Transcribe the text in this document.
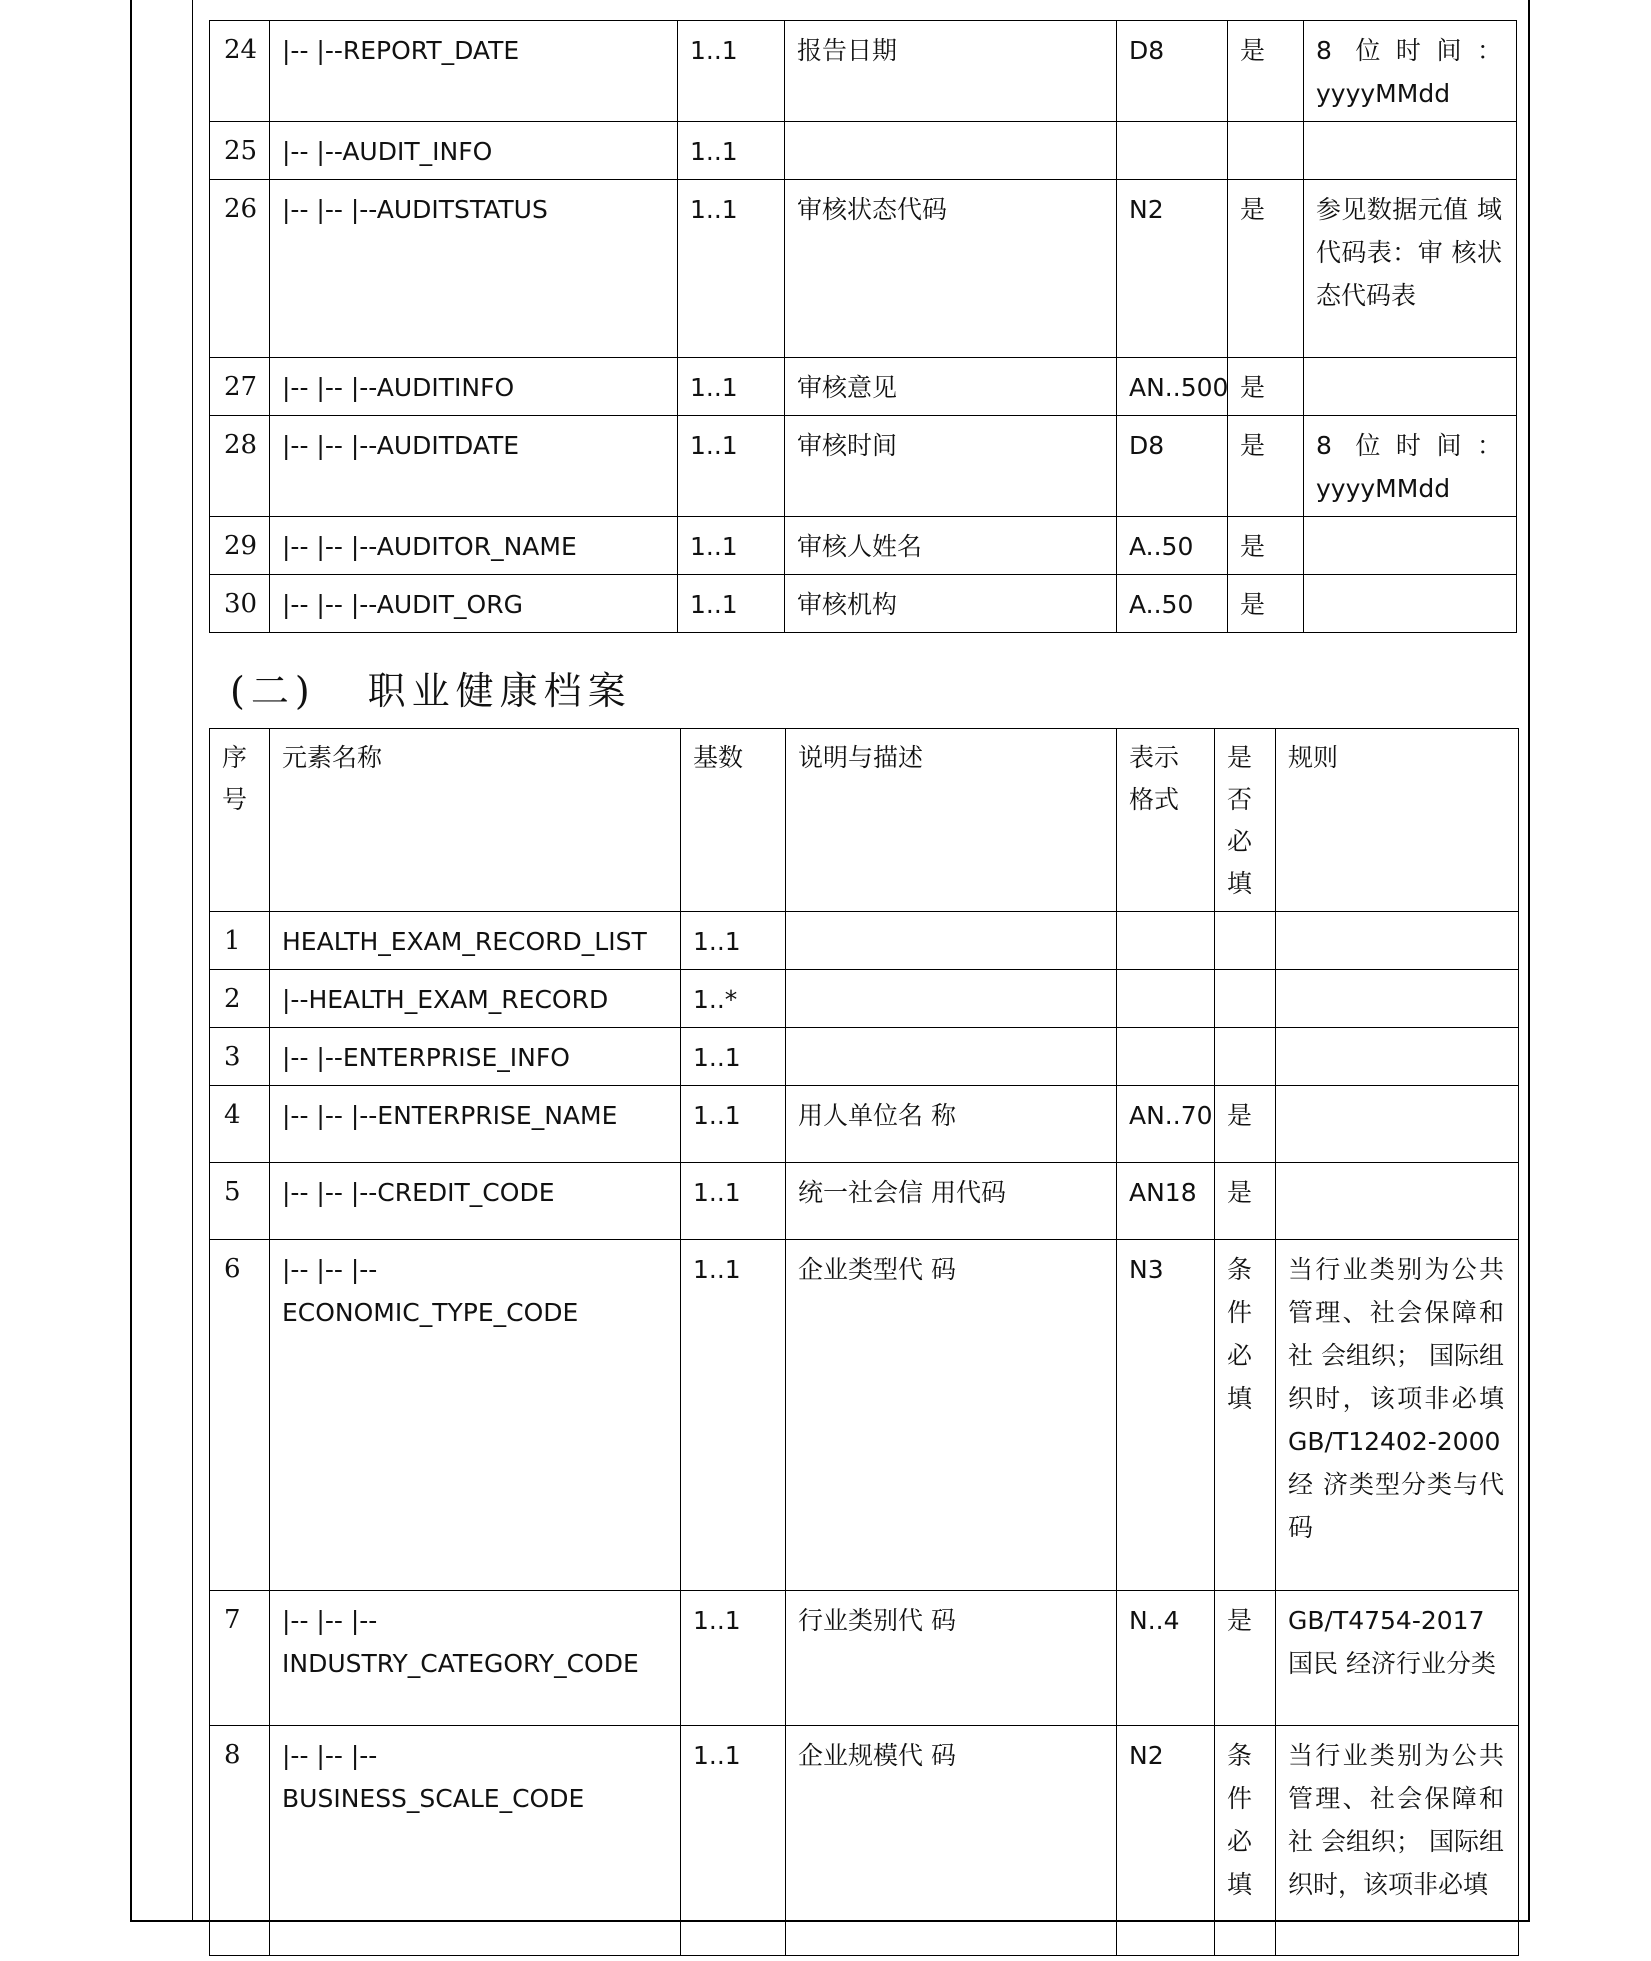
24	|-- |--REPORT_DATE	1..1	报告日期	D8	是	8 位时间： yyyyMMdd
25	|-- |--AUDIT_INFO	1..1				
26	|-- |-- |--AUDITSTATUS	1..1	审核状态代码	N2	是	参见数据元值 域代码表：审 核状态代码表
27	|-- |-- |--AUDITINFO	1..1	审核意见	AN..500	是	
28	|-- |-- |--AUDITDATE	1..1	审核时间	D8	是	8 位时间： yyyyMMdd
29	|-- |-- |--AUDITOR_NAME	1..1	审核人姓名	A..50	是	
30	|-- |-- |--AUDIT_ORG	1..1	审核机构	A..50	是	
(二) 职业健康档案
序号	元素名称	基数	说明与描述	表示格式	是否必填	规则
1	HEALTH_EXAM_RECORD_LIST	1..1				
2	|--HEALTH_EXAM_RECORD	1..*				
3	|-- |--ENTERPRISE_INFO	1..1				
4	|-- |-- |--ENTERPRISE_NAME	1..1	用人单位名 称	AN..70	是	
5	|-- |-- |--CREDIT_CODE	1..1	统一社会信 用代码	AN18	是	
6	|-- |-- |--ECONOMIC_TYPE_CODE	1..1	企业类型代 码	N3	条件必填	当行业类别为公共 管理、社会保障和社 会组织； 国际组织时，该项非必填 GB/T12402-2000 经 济类型分类与代码
7	|-- |-- |-- INDUSTRY_CATEGORY_CODE	1..1	行业类别代 码	N..4	是	GB/T4754-2017 国民 经济行业分类
8	|-- |-- |--BUSINESS_SCALE_CODE	1..1	企业规模代 码	N2	条件必填	当行业类别为公共 管理、社会保障和社 会组织； 国际组织时，该项非必填
